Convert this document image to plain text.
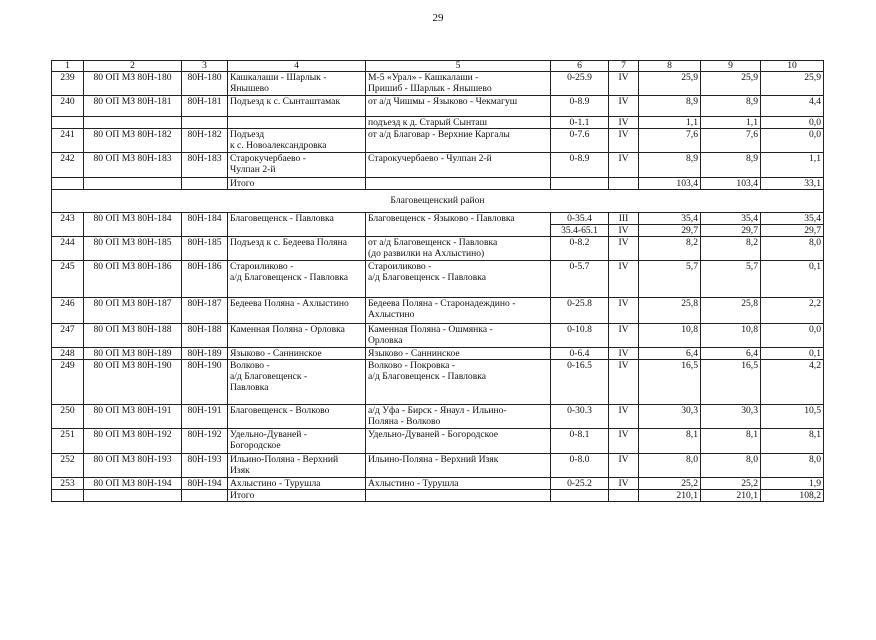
29
1	2	3	4	5	6	7	8	9	10
239	80 ОП МЗ 80Н-180	80Н-180	Кашкалаши - Шарлык -
Янышево	М-5 «Урал» - Кашкалаши -
Пришиб - Шарлык - Янышево	0-25.9	IV	25,9	25,9	25,9
240	80 ОП МЗ 80Н-181	80Н-181	Подъезд к с. Сынташтамак	от а/д Чишмы - Языково - Чекмагуш	0-8.9	IV	8,9	8,9	4,4
				подъезд к д. Старый Сынташ	0-1.1	IV	1,1	1,1	0,0
241	80 ОП МЗ 80Н-182	80Н-182	Подъезд
к с. Новоалександровка	от а/д Благовар - Верхние Каргалы	0-7.6	IV	7,6	7,6	0,0
242	80 ОП МЗ 80Н-183	80Н-183	Старокучербаево -
Чулпан 2-й	Старокучербаево - Чулпан 2-й	0-8.9	IV	8,9	8,9	1,1
			Итого				103,4	103,4	33,1
Благовещенский район									
243	80 ОП МЗ 80Н-184	80Н-184	Благовещенск - Павловка	Благовещенск - Языково - Павловка	0-35.4	III	35,4	35,4	35,4
					35.4-65.1	IV	29,7	29,7	29,7
244	80 ОП МЗ 80Н-185	80Н-185	Подъезд к с. Бедеева Поляна	от а/д Благовещенск - Павловка
(до развилки на Ахлыстино)	0-8.2	IV	8,2	8,2	8,0
245	80 ОП МЗ 80Н-186	80Н-186	Староиликово -
а/д Благовещенск - Павловка	Староиликово -
а/д Благовещенск - Павловка	0-5.7	IV	5,7	5,7	0,1
246	80 ОП МЗ 80Н-187	80Н-187	Бедеева Поляна - Ахлыстино	Бедеева Поляна - Старонадеждино -
Ахлыстино	0-25.8	IV	25,8	25,8	2,2
247	80 ОП МЗ 80Н-188	80Н-188	Каменная Поляна - Орловка	Каменная Поляна - Ошмянка -
Орловка	0-10.8	IV	10,8	10,8	0,0
248	80 ОП МЗ 80Н-189	80Н-189	Языково - Саннинское	Языково - Саннинское	0-6.4	IV	6,4	6,4	0,1
249	80 ОП МЗ 80Н-190	80Н-190	Волково -
а/д Благовещенск -
Павловка	Волково - Покровка -
а/д Благовещенск - Павловка	0-16.5	IV	16,5	16,5	4,2
250	80 ОП МЗ 80Н-191	80Н-191	Благовещенск - Волково	а/д Уфа - Бирск - Янаул - Ильино-
Поляна - Волково	0-30.3	IV	30,3	30,3	10,5
251	80 ОП МЗ 80Н-192	80Н-192	Удельно-Дуваней -
Богородское	Удельно-Дуваней - Богородское	0-8.1	IV	8,1	8,1	8,1
252	80 ОП МЗ 80Н-193	80Н-193	Ильино-Поляна - Верхний
Изяк	Ильино-Поляна - Верхний Изяк	0-8.0	IV	8,0	8,0	8,0
253	80 ОП МЗ 80Н-194	80Н-194	Ахлыстино - Турушла	Ахлыстино - Турушла	0-25.2	IV	25,2	25,2	1,9
			Итого				210,1	210,1	108,2
